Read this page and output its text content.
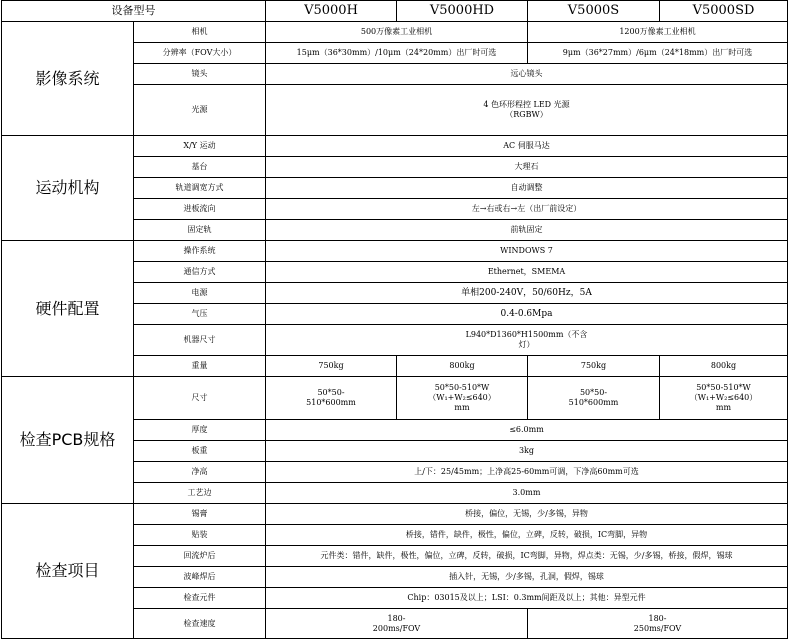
设备型号		V5000H	V5000HD	V5000S	V5000SD
影像系统	相机	500万像素工业相机		1200万像素工业相机	
	分辨率（FOV大小）	15μm（36*30mm）/10μm（24*20mm）出厂时可选		9μm（36*27mm）/6μm（24*18mm）出厂时可选	
	镜头	远心镜头			
	光源	4 色环形程控 LED 光源
（RGBW）			
运动机构	X/Y 运动	AC 伺服马达			
	基台	大理石			
	轨道调宽方式	自动调整			
	进板流向	左→右或右→左（出厂前设定）			
	固定轨	前轨固定			
硬件配置	操作系统	WINDOWS 7			
	通信方式	Ethernet，SMEMA			
	电源	单相200-240V，50/60Hz，5A			
	气压	0.4-0.6Mpa			
	机器尺寸	L940*D1360*H1500mm（不含
灯）			
	重量	750kg	800kg	750kg	800kg
检查PCB规格	尺寸	50*50-
510*600mm	50*50-510*W
（W₁+W₂≤640）
mm	50*50-
510*600mm	50*50-510*W
（W₁+W₂≤640）
mm
	厚度	≤6.0mm			
	板重	3kg			
	净高	上/下：25/45mm；上净高25-60mm可调，下净高60mm可选			
	工艺边	3.0mm			
检查项目	锡膏	桥接，偏位，无锡，少/多锡，异物			
	贴装	桥接，错件，缺件，极性，偏位，立碑，反转，破损，IC弯脚，异物			
	回流炉后	元件类：错件，缺件，极性，偏位，立碑，反转，破损，IC弯脚，异物，焊点类：无锡，少/多锡，桥接，假焊，锡球			
	波峰焊后	插入针，无锡，少/多锡，孔洞，假焊，锡球			
	检查元件	Chip：03015及以上；LSI：0.3mm间距及以上；其他：异型元件			
	检查速度	180-
200ms/FOV		180-
250ms/FOV	
